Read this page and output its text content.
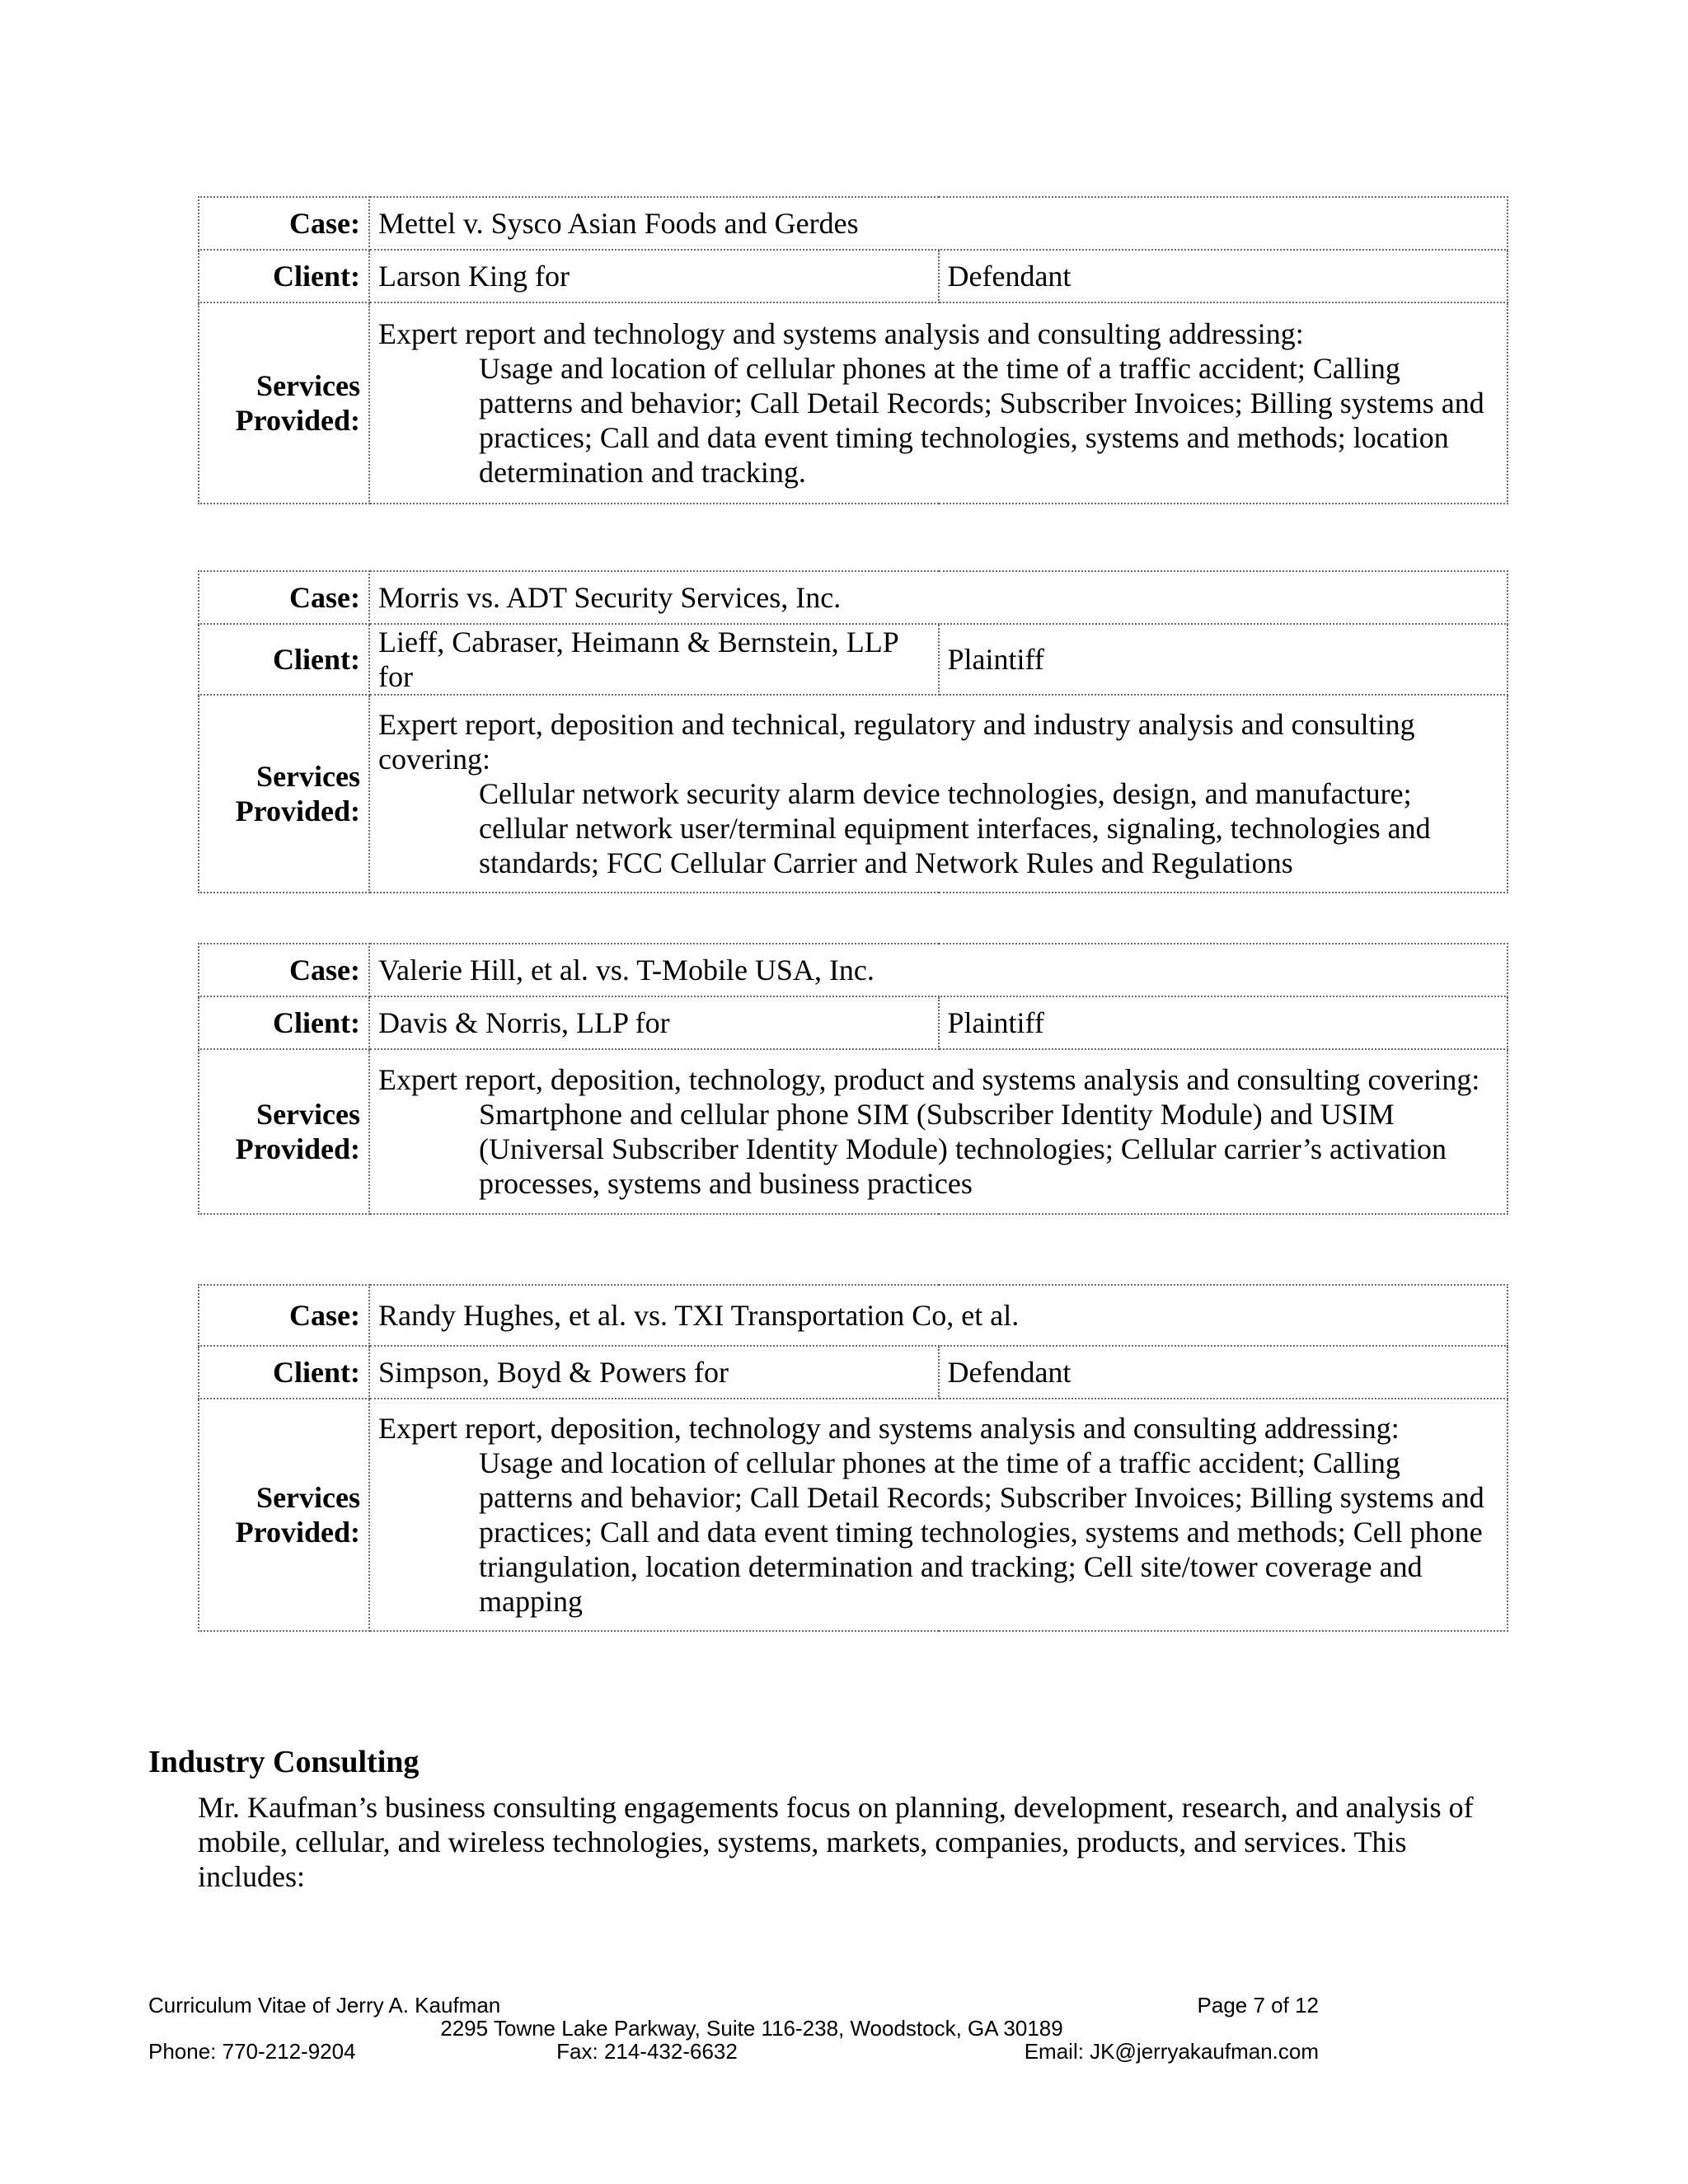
Case:	Mettel v. Sysco Asian Foods and Gerdes	
Client:	Larson King for	Defendant
Services Provided:	Expert report and technology and systems analysis and consulting addressing:
Usage and location of cellular phones at the time of a traffic accident; Calling patterns and behavior; Call Detail Records; Subscriber Invoices; Billing systems and practices; Call and data event timing technologies, systems and methods; location determination and tracking.	
Case:	Morris vs. ADT Security Services, Inc.	
Client:	Lieff, Cabraser, Heimann & Bernstein, LLP for	Plaintiff
Services Provided:	Expert report, deposition and technical, regulatory and industry analysis and consulting covering:
Cellular network security alarm device technologies, design, and manufacture; cellular network user/terminal equipment interfaces, signaling, technologies and standards; FCC Cellular Carrier and Network Rules and Regulations	
Case:	Valerie Hill, et al. vs. T-Mobile USA, Inc.	
Client:	Davis & Norris, LLP for	Plaintiff
Services Provided:	Expert report, deposition, technology, product and systems analysis and consulting covering:
Smartphone and cellular phone SIM (Subscriber Identity Module) and USIM (Universal Subscriber Identity Module) technologies; Cellular carrier’s activation processes, systems and business practices	
Case:	Randy Hughes, et al. vs. TXI Transportation Co, et al.	
Client:	Simpson, Boyd & Powers for	Defendant
Services Provided:	Expert report, deposition, technology and systems analysis and consulting addressing:
Usage and location of cellular phones at the time of a traffic accident; Calling patterns and behavior; Call Detail Records; Subscriber Invoices; Billing systems and practices; Call and data event timing technologies, systems and methods; Cell phone triangulation, location determination and tracking; Cell site/tower coverage and mapping	
Industry Consulting

Mr. Kaufman’s business consulting engagements focus on planning, development, research, and analysis of mobile, cellular, and wireless technologies, systems, markets, companies, products, and services. This includes:

Curriculum Vitae of Jerry A. Kaufman	Page 7 of 12
2295 Towne Lake Parkway, Suite 116-238, Woodstock, GA 30189
Phone: 770-212-9204	Fax: 214-432-6632	Email: JK@jerryakaufman.com
